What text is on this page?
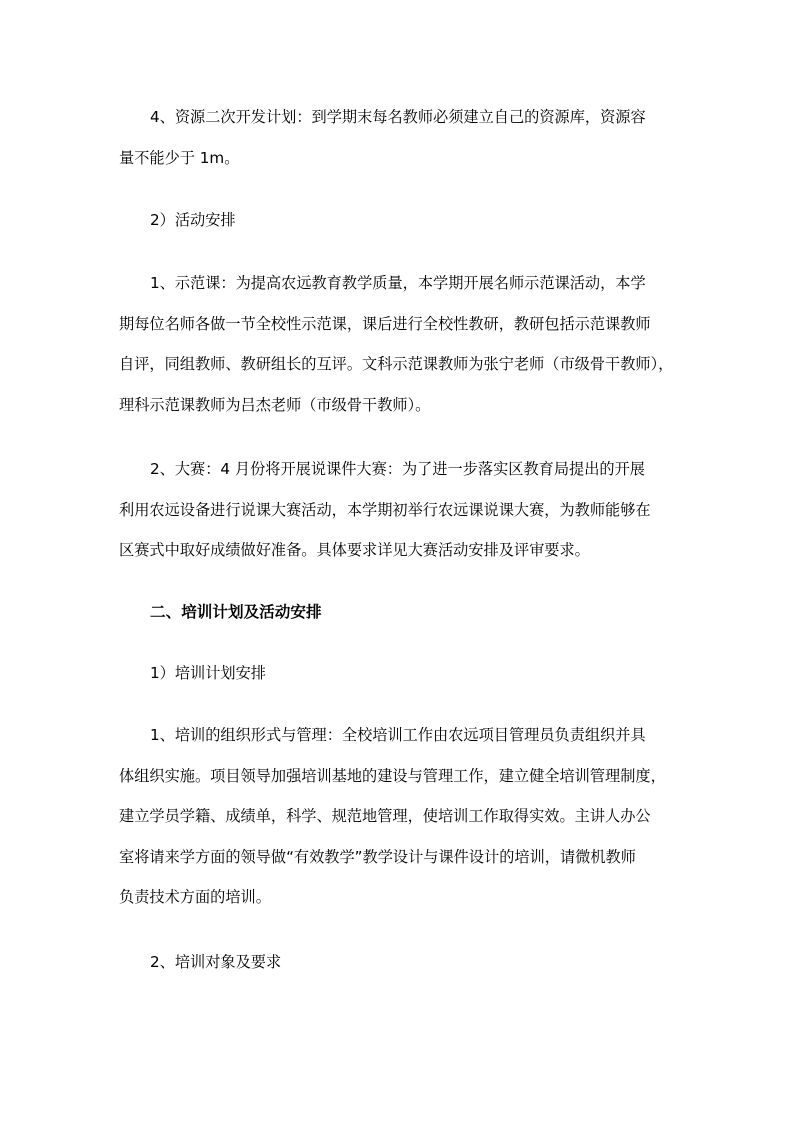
4、资源二次开发计划：到学期末每名教师必须建立自己的资源库，资源容
量不能少于 1m。
2）活动安排
1、示范课：为提高农远教育教学质量，本学期开展名师示范课活动，本学
期每位名师各做一节全校性示范课，课后进行全校性教研，教研包括示范课教师
自评，同组教师、教研组长的互评。文科示范课教师为张宁老师（市级骨干教师），
理科示范课教师为吕杰老师（市级骨干教师）。
2、大赛：4 月份将开展说课件大赛：为了进一步落实区教育局提出的开展
利用农远设备进行说课大赛活动，本学期初举行农远课说课大赛，为教师能够在
区赛式中取好成绩做好准备。具体要求详见大赛活动安排及评审要求。
二、培训计划及活动安排
1）培训计划安排
1、培训的组织形式与管理：全校培训工作由农远项目管理员负责组织并具
体组织实施。项目领导加强培训基地的建设与管理工作，建立健全培训管理制度，
建立学员学籍、成绩单，科学、规范地管理，使培训工作取得实效。主讲人办公
室将请来学方面的领导做“有效教学”教学设计与课件设计的培训，请微机教师
负责技术方面的培训。
2、培训对象及要求
